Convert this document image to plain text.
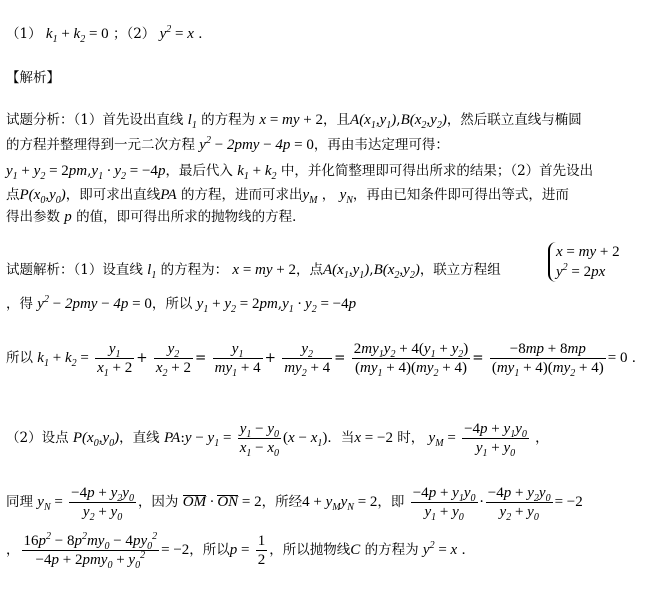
（1） $k_1 + k_2 = 0$ ；（2） $y^2 = x$ ．
【解析】
试题分析：（1）首先设出直线 $l_1$ 的方程为 x = my + 2，且$A(x_1,y_1),B(x_2,y_2)$，然后联立直线与椭圆
的方程并整理得到一元二次方程 $y^2 - 2pmy - 4p = 0$，再由韦达定理可得：
$y_1 + y_2 = 2pm,y_1 \cdot y_2 = -4p$，最后代入 $k_1 + k_2$ 中，并化简整理即可得出所求的结果；（2）首先设出
点$P(x_0,y_0)$，即可求出直线PA 的方程，进而可求出$y_M$ ， $y_N$，再由已知条件即可得出等式，进而
得出参数 p 的值，即可得出所求的抛物线的方程．
试题解析：（1）设直线 $l_1$ 的方程为： x = my + 2，点$A(x_1,y_1),B(x_2,y_2)$，联立方程组
x = my + 2
$y^2 = 2px$
，得 $y^2 - 2pmy - 4p = 0$，所以 $y_1 + y_2 = 2pm,y_1 \cdot y_2 = -4p$
所以 $k_1 + k_2 = \frac{y_1}{x_1 + 2} + \frac{y_2}{x_2 + 2} = \frac{y_1}{my_1 + 4} + \frac{y_2}{my_2 + 4} = \frac{2my_1y_2 + 4(y_1 + y_2)}{(my_1 + 4)(my_2 + 4)} = \frac{-8mp + 8mp}{(my_1 + 4)(my_2 + 4)} = 0$ ．
（2）设点 $P(x_0,y_0)$，直线 PA:y − $y_1 = \frac{y_1 - y_0}{x_1 - x_0} (x - x_1)$．当x = −2 时， $y_M = \frac{-4p + y_1y_0}{y_1 + y_0}$ ，
同理 $y_N = \frac{-4p + y_2y_0}{y_2 + y_0}$ ，因为 OM · ON = 2，所经$4 + y_My_N = 2$，即 $\frac{-4p + y_1y_0}{y_1 + y_0} \cdot \frac{-4p + y_2y_0}{y_2 + y_0} = -2$
， $\frac{16p^2 - 8p^2my_0 - 4py_0^2}{-4p + 2pmy_0 + y_0^2} = -2$，所以$p = \frac{1}{2}$ ，所以抛物线C 的方程为 $y^2 = x$ ．
